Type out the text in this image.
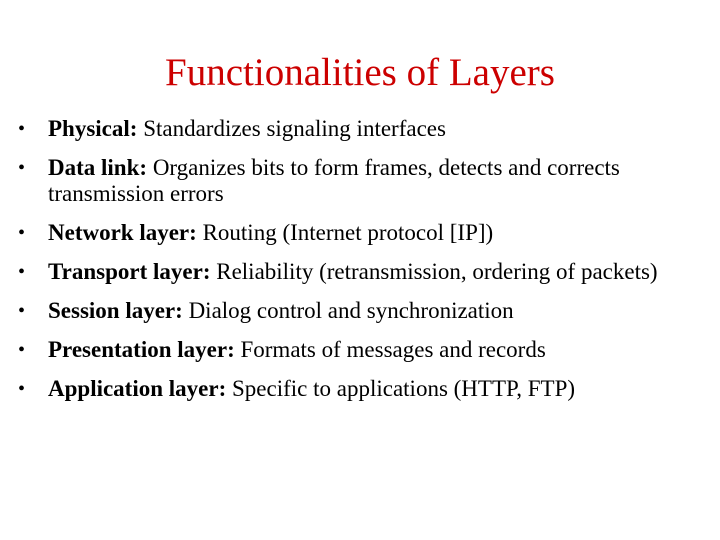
Functionalities of Layers
• Physical: Standardizes signaling interfaces
• Data link: Organizes bits to form frames, detects and corrects transmission errors
• Network layer: Routing (Internet protocol [IP])
• Transport layer: Reliability (retransmission, ordering of packets)
• Session layer: Dialog control and synchronization
• Presentation layer: Formats of messages and records
• Application layer: Specific to applications (HTTP, FTP)
